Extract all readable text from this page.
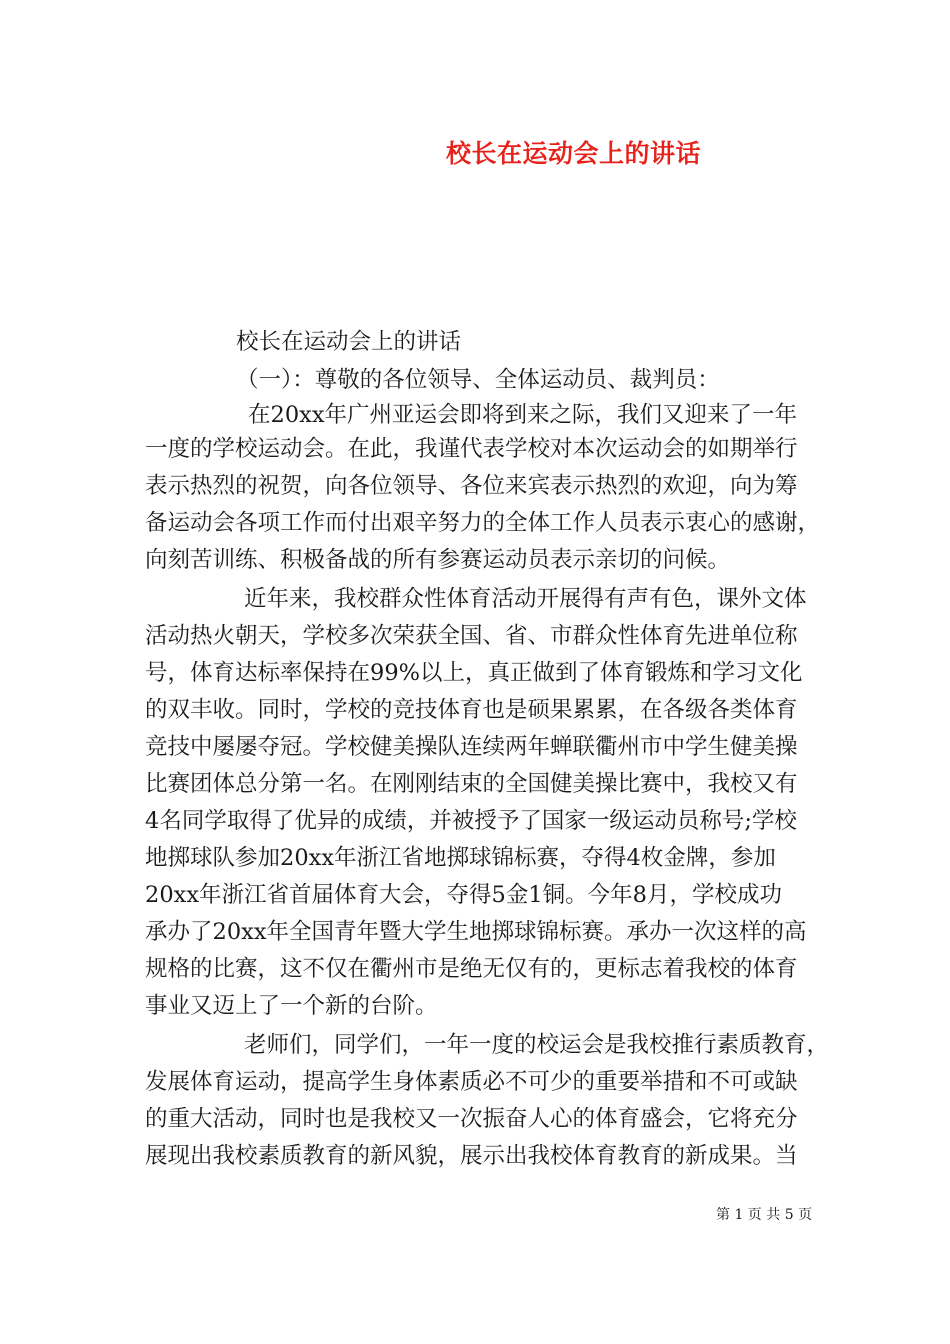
校长在运动会上的讲话
校长在运动会上的讲话
（一）：尊敬的各位领导、全体运动员、裁判员：
在20xx年广州亚运会即将到来之际，我们又迎来了一年
一度的学校运动会。在此，我谨代表学校对本次运动会的如期举行
表示热烈的祝贺，向各位领导、各位来宾表示热烈的欢迎，向为筹
备运动会各项工作而付出艰辛努力的全体工作人员表示衷心的感谢，
向刻苦训练、积极备战的所有参赛运动员表示亲切的问候。
近年来，我校群众性体育活动开展得有声有色，课外文体
活动热火朝天，学校多次荣获全国、省、市群众性体育先进单位称
号，体育达标率保持在99%以上，真正做到了体育锻炼和学习文化
的双丰收。同时，学校的竞技体育也是硕果累累，在各级各类体育
竞技中屡屡夺冠。学校健美操队连续两年蝉联衢州市中学生健美操
比赛团体总分第一名。在刚刚结束的全国健美操比赛中，我校又有
4名同学取得了优异的成绩，并被授予了国家一级运动员称号;学校
地掷球队参加20xx年浙江省地掷球锦标赛，夺得4枚金牌，参加
20xx年浙江省首届体育大会，夺得5金1铜。今年8月，学校成功
承办了20xx年全国青年暨大学生地掷球锦标赛。承办一次这样的高
规格的比赛，这不仅在衢州市是绝无仅有的，更标志着我校的体育
事业又迈上了一个新的台阶。
老师们，同学们，一年一度的校运会是我校推行素质教育，
发展体育运动，提高学生身体素质必不可少的重要举措和不可或缺
的重大活动，同时也是我校又一次振奋人心的体育盛会，它将充分
展现出我校素质教育的新风貌，展示出我校体育教育的新成果。当
第 1 页 共 5 页
